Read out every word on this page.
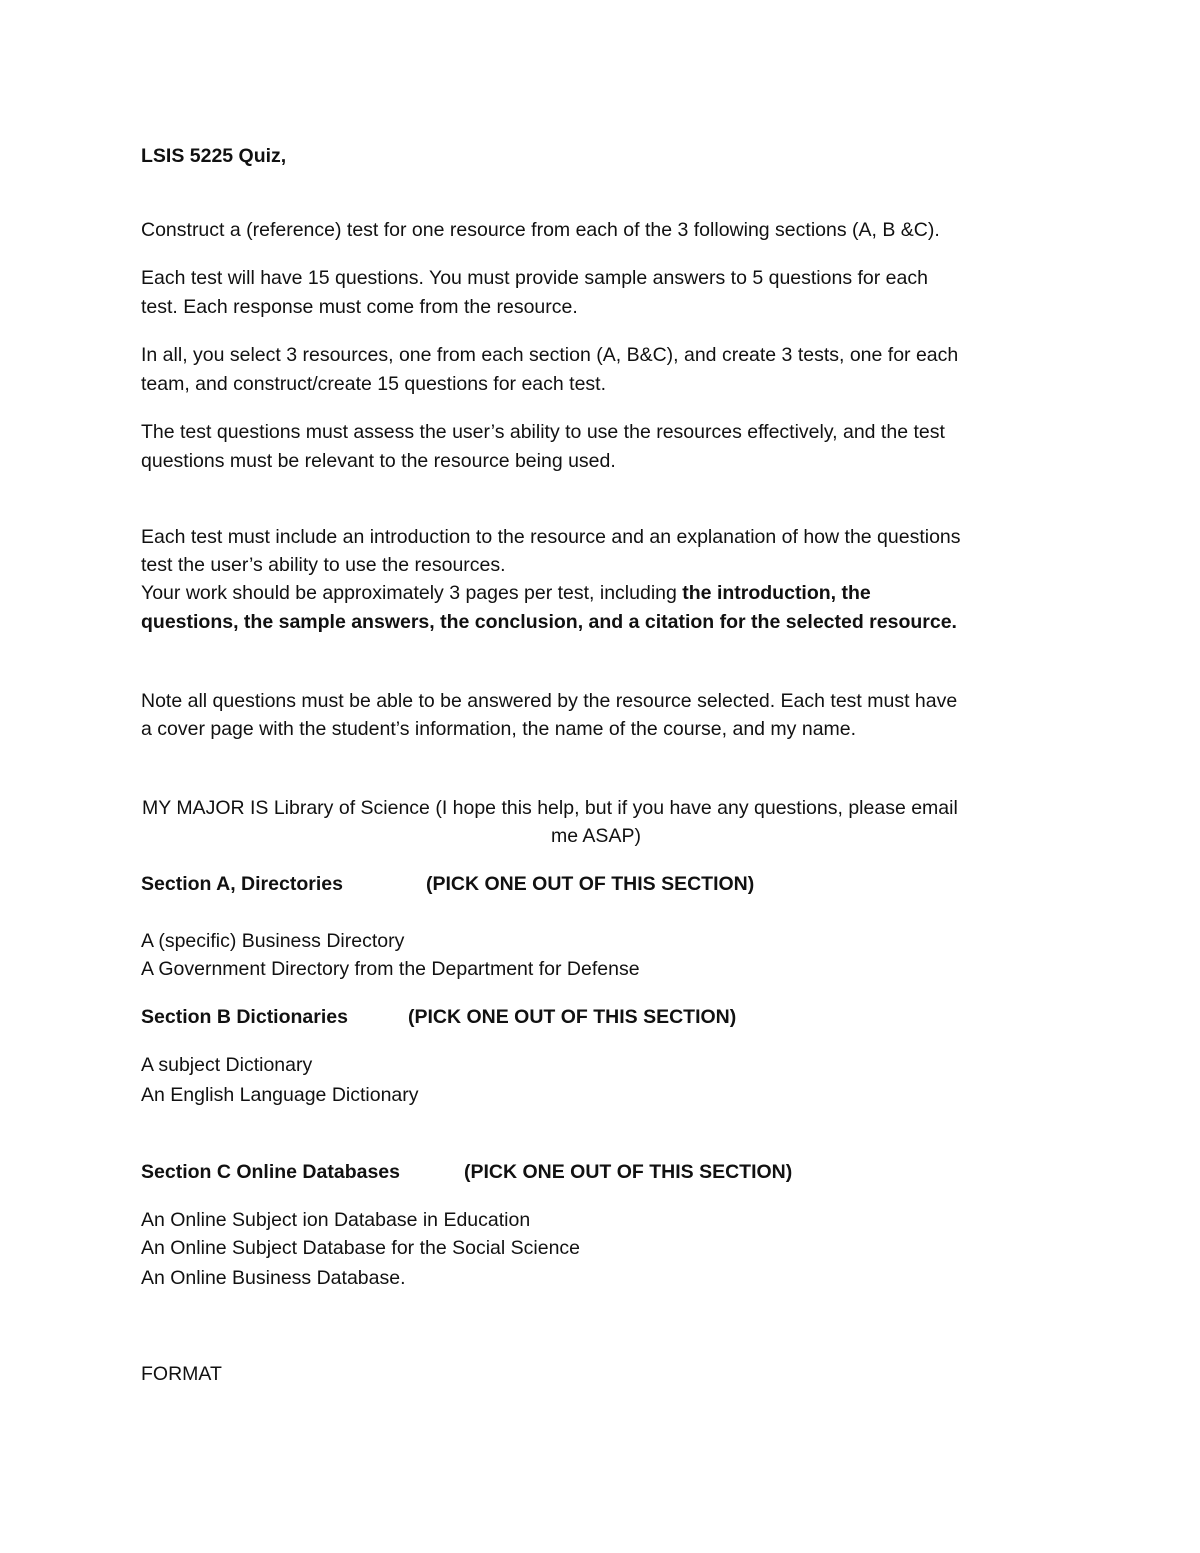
LSIS 5225 Quiz,
Construct a (reference) test for one resource from each of the 3 following sections (A, B &C).
Each test will have 15 questions. You must provide sample answers to 5 questions for each
test. Each response must come from the resource.
In all, you select 3 resources, one from each section (A, B&C), and create 3 tests, one for each
team, and construct/create 15 questions for each test.
The test questions must assess the user’s ability to use the resources effectively, and the test
questions must be relevant to the resource being used.
Each test must include an introduction to the resource and an explanation of how the questions
test the user’s ability to use the resources.
Your work should be approximately 3 pages per test, including the introduction, the
questions, the sample answers, the conclusion, and a citation for the selected resource.
Note all questions must be able to be answered by the resource selected. Each test must have
a cover page with the student’s information, the name of the course, and my name.
MY MAJOR IS Library of Science (I hope this help, but if you have any questions, please email
me ASAP)
Section A, Directories	(PICK ONE OUT OF THIS SECTION)
A (specific) Business Directory
A Government Directory from the Department for Defense
Section B Dictionaries	(PICK ONE OUT OF THIS SECTION)
A subject Dictionary
An English Language Dictionary
Section C Online Databases	(PICK ONE OUT OF THIS SECTION)
An Online Subject ion Database in Education
An Online Subject Database for the Social Science
An Online Business Database.
FORMAT
